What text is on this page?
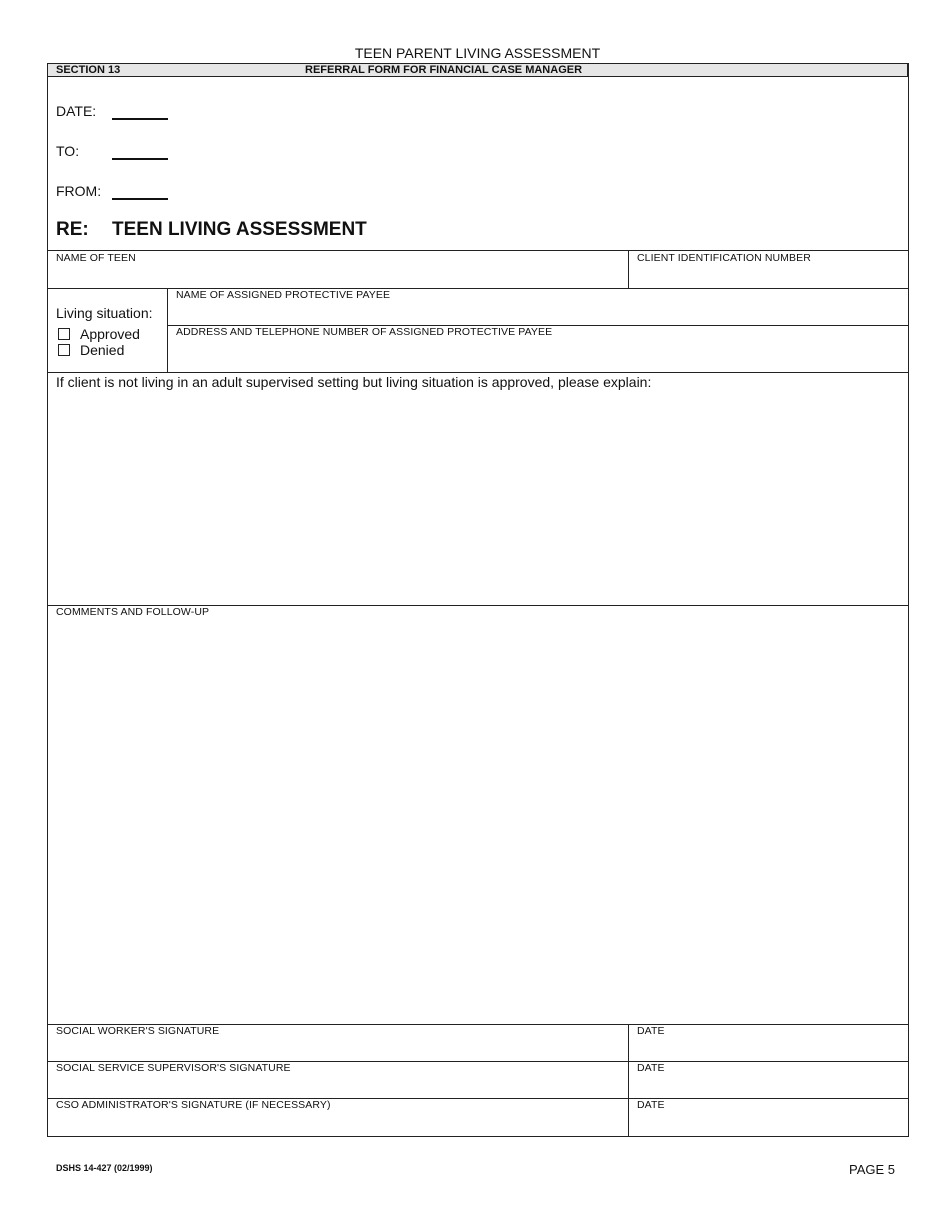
TEEN PARENT LIVING ASSESSMENT
SECTION 13	REFERRAL FORM FOR FINANCIAL CASE MANAGER
DATE:
TO:
FROM:
RE: TEEN LIVING ASSESSMENT
NAME OF TEEN	CLIENT IDENTIFICATION NUMBER
Living situation:
Approved
Denied
NAME OF ASSIGNED PROTECTIVE PAYEE
ADDRESS AND TELEPHONE NUMBER OF ASSIGNED PROTECTIVE PAYEE
If client is not living in an adult supervised setting but living situation is approved, please explain:
COMMENTS AND FOLLOW-UP
SOCIAL WORKER'S SIGNATURE	DATE
SOCIAL SERVICE SUPERVISOR'S SIGNATURE	DATE
CSO ADMINISTRATOR'S SIGNATURE (IF NECESSARY)	DATE
DSHS 14-427 (02/1999)	PAGE 5
